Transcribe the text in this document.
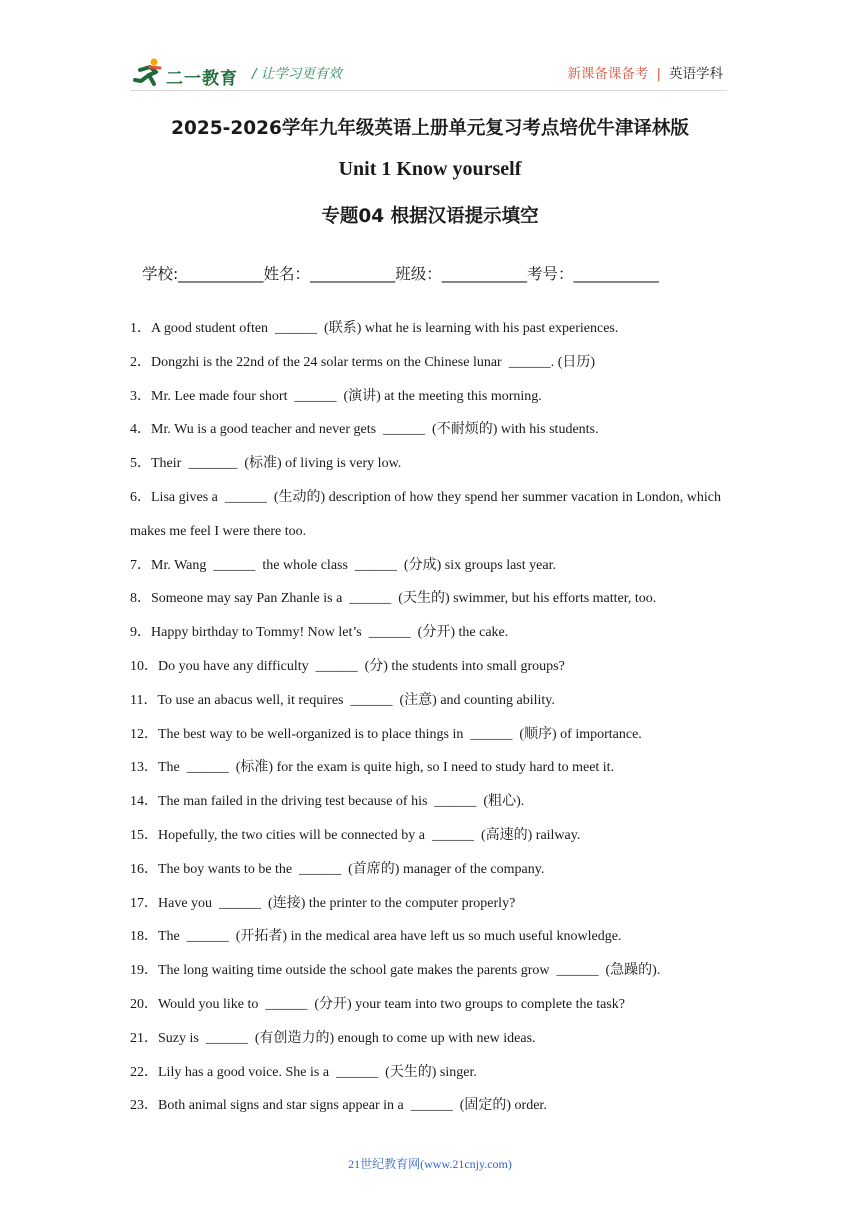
二一教育 / 让学习更有效	新课备课备考 | 英语学科
2025-2026学年九年级英语上册单元复习考点培优牛津译林版
Unit 1 Know yourself
专题04 根据汉语提示填空
学校:___________姓名：___________班级：___________考号：___________
1．A good student often  ______  (联系) what he is learning with his past experiences.
2．Dongzhi is the 22nd of the 24 solar terms on the Chinese lunar  ______. (日历)
3．Mr. Lee made four short  ______  (演讲) at the meeting this morning.
4．Mr. Wu is a good teacher and never gets  ______  (不耐烦的) with his students.
5．Their  _______  (标准) of living is very low.
6．Lisa gives a  ______  (生动的) description of how they spend her summer vacation in London, which makes me feel I were there too.
7．Mr. Wang  ______  the whole class  ______  (分成) six groups last year.
8．Someone may say Pan Zhanle is a  ______  (天生的) swimmer, but his efforts matter, too.
9．Happy birthday to Tommy! Now let’s  ______  (分开) the cake.
10．Do you have any difficulty  ______  (分) the students into small groups?
11．To use an abacus well, it requires  ______  (注意) and counting ability.
12．The best way to be well-organized is to place things in  ______  (顺序) of importance.
13．The  ______  (标准) for the exam is quite high, so I need to study hard to meet it.
14．The man failed in the driving test because of his  ______  (粗心).
15．Hopefully, the two cities will be connected by a  ______  (高速的) railway.
16．The boy wants to be the  ______  (首席的) manager of the company.
17．Have you  ______  (连接) the printer to the computer properly?
18．The  ______  (开拓者) in the medical area have left us so much useful knowledge.
19．The long waiting time outside the school gate makes the parents grow  ______  (急躁的).
20．Would you like to  ______  (分开) your team into two groups to complete the task?
21．Suzy is  ______  (有创造力的) enough to come up with new ideas.
22．Lily has a good voice. She is a  ______  (天生的) singer.
23．Both animal signs and star signs appear in a  ______  (固定的) order.
21世纪教育网(www.21cnjy.com)
